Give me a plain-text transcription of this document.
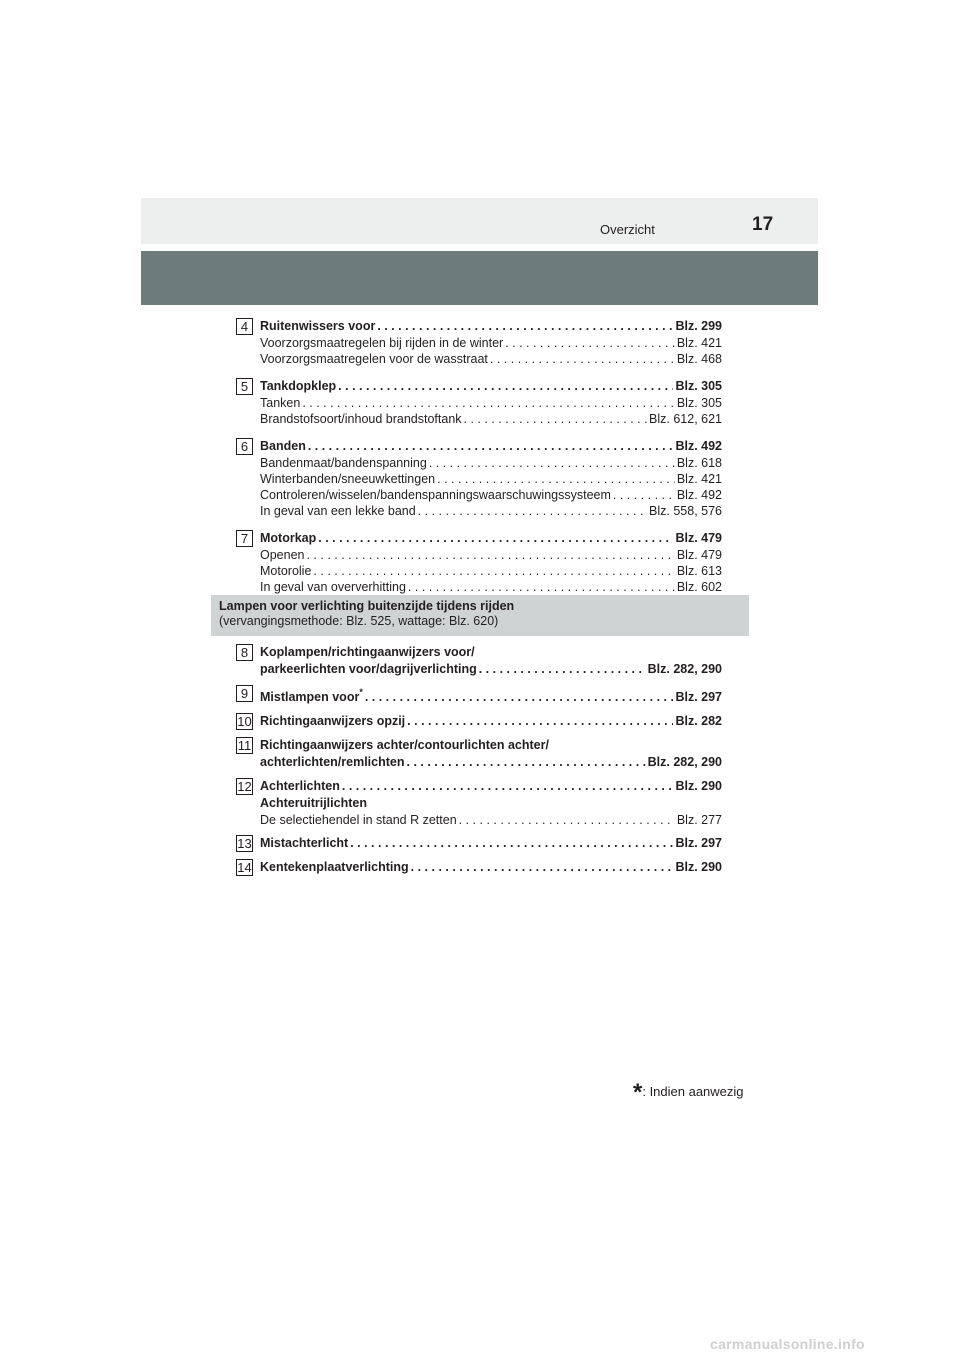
Overzicht	17
4 Ruitenwissers voor . . .	Blz. 299
Voorzorgsmaatregelen bij rijden in de winter . . .	Blz. 421
Voorzorgsmaatregelen voor de wasstraat . . .	Blz. 468
5 Tankdopklep . . .	Blz. 305
Tanken . . .	Blz. 305
Brandstofsoort/inhoud brandstoftank . . .	Blz. 612, 621
6 Banden . . .	Blz. 492
Bandenmaat/bandenspanning . . .	Blz. 618
Winterbanden/sneeuwkettingen . . .	Blz. 421
Controleren/wisselen/bandenspanningswaarschuwingssysteem . . .	Blz. 492
In geval van een lekke band . . .	Blz. 558, 576
7 Motorkap . . .	Blz. 479
Openen . . .	Blz. 479
Motorolie . . .	Blz. 613
In geval van oververhitting . . .	Blz. 602
Lampen voor verlichting buitenzijde tijdens rijden
(vervangingsmethode: Blz. 525, wattage: Blz. 620)
8 Koplampen/richtingaanwijzers voor/
parkeerlichten voor/dagrijverlichting . . .	Blz. 282, 290
9 Mistlampen voor* . . .	Blz. 297
10 Richtingaanwijzers opzij . . .	Blz. 282
11 Richtingaanwijzers achter/contourlichten achter/
achterlichten/remlichten . . .	Blz. 282, 290
12 Achterlichten . . .	Blz. 290
Achteruitrijlichten
De selectiehendel in stand R zetten . . .	Blz. 277
13 Mistachterlicht . . .	Blz. 297
14 Kentekenplaatverlichting . . .	Blz. 290
*: Indien aanwezig
carmanualsonline.info
